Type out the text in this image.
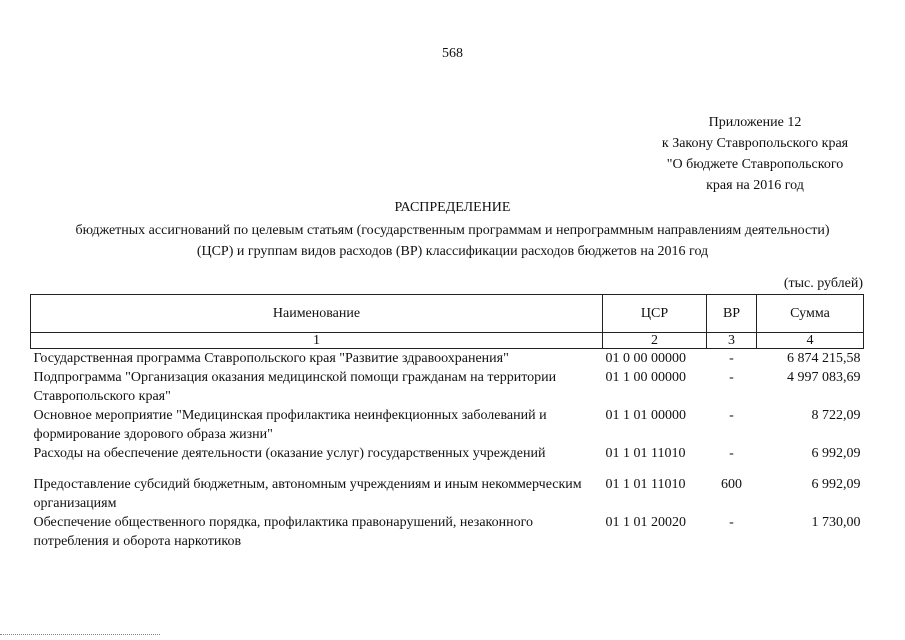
568
Приложение 12
к Закону Ставропольского края
"О бюджете Ставропольского
края на 2016 год
РАСПРЕДЕЛЕНИЕ
бюджетных ассигнований по целевым статьям (государственным программам и непрограммным направлениям деятельности)
(ЦСР) и группам видов расходов (ВР) классификации расходов бюджетов на 2016 год
(тыс. рублей)
Наименование	ЦСР	ВР	Сумма
1	2	3	4
Государственная программа Ставропольского края "Развитие здравоохранения"	01 0 00 00000	-	6 874 215,58
Подпрограмма "Организация оказания медицинской помощи гражданам на территории Ставропольского края"	01 1 00 00000	-	4 997 083,69
Основное мероприятие "Медицинская профилактика неинфекционных заболеваний и формирование здорового образа жизни"	01 1 01 00000	-	8 722,09
Расходы на обеспечение деятельности (оказание услуг) государственных учреждений	01 1 01 11010	-	6 992,09

Предоставление субсидий бюджетным, автономным учреждениям и иным некоммерческим организациям	01 1 01 11010	600	6 992,09
Обеспечение общественного порядка, профилактика правонарушений, незаконного потребления и оборота наркотиков	01 1 01 20020	-	1 730,00
